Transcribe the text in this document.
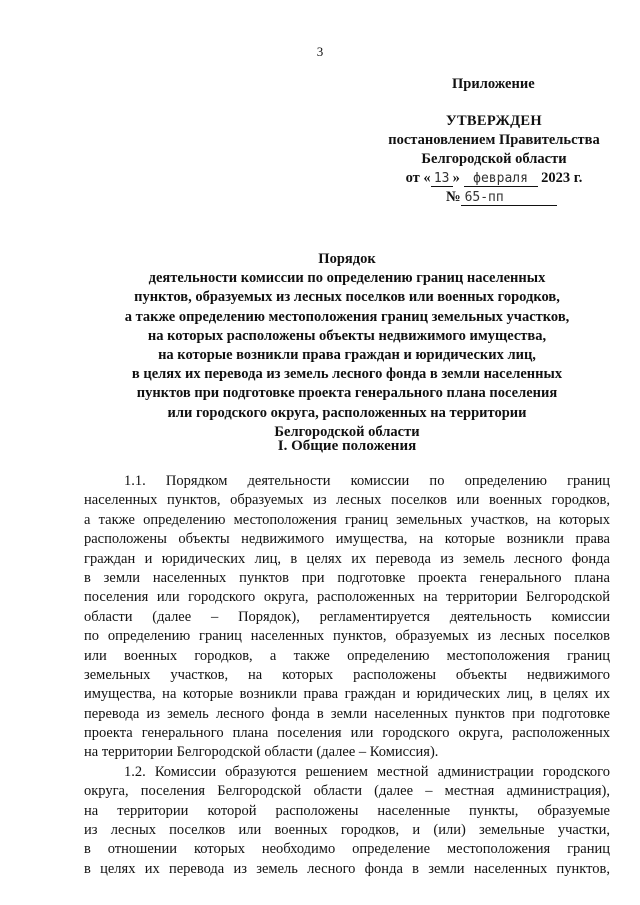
3
Приложение
УТВЕРЖДЕН
постановлением Правительства
Белгородской области
от « 13 » февраля 2023 г.
№ 65-пп
Порядок
деятельности комиссии по определению границ населенных
пунктов, образуемых из лесных поселков или военных городков,
а также определению местоположения границ земельных участков,
на которых расположены объекты недвижимого имущества,
на которые возникли права граждан и юридических лиц,
в целях их перевода из земель лесного фонда в земли населенных
пунктов при подготовке проекта генерального плана поселения
или городского округа, расположенных на территории
Белгородской области
I. Общие положения
1.1. Порядком деятельности комиссии по определению границ
населенных пунктов, образуемых из лесных поселков или военных городков,
а также определению местоположения границ земельных участков, на которых
расположены объекты недвижимого имущества, на которые возникли права
граждан и юридических лиц, в целях их перевода из земель лесного фонда
в земли населенных пунктов при подготовке проекта генерального плана
поселения или городского округа, расположенных на территории Белгородской
области (далее – Порядок), регламентируется деятельность комиссии
по определению границ населенных пунктов, образуемых из лесных поселков
или военных городков, а также определению местоположения границ
земельных участков, на которых расположены объекты недвижимого
имущества, на которые возникли права граждан и юридических лиц, в целях их
перевода из земель лесного фонда в земли населенных пунктов при подготовке
проекта генерального плана поселения или городского округа, расположенных
на территории Белгородской области (далее – Комиссия).
1.2. Комиссии образуются решением местной администрации городского
округа, поселения Белгородской области (далее – местная администрация),
на территории которой расположены населенные пункты, образуемые
из лесных поселков или военных городков, и (или) земельные участки,
в отношении которых необходимо определение местоположения границ
в целях их перевода из земель лесного фонда в земли населенных пунктов,
